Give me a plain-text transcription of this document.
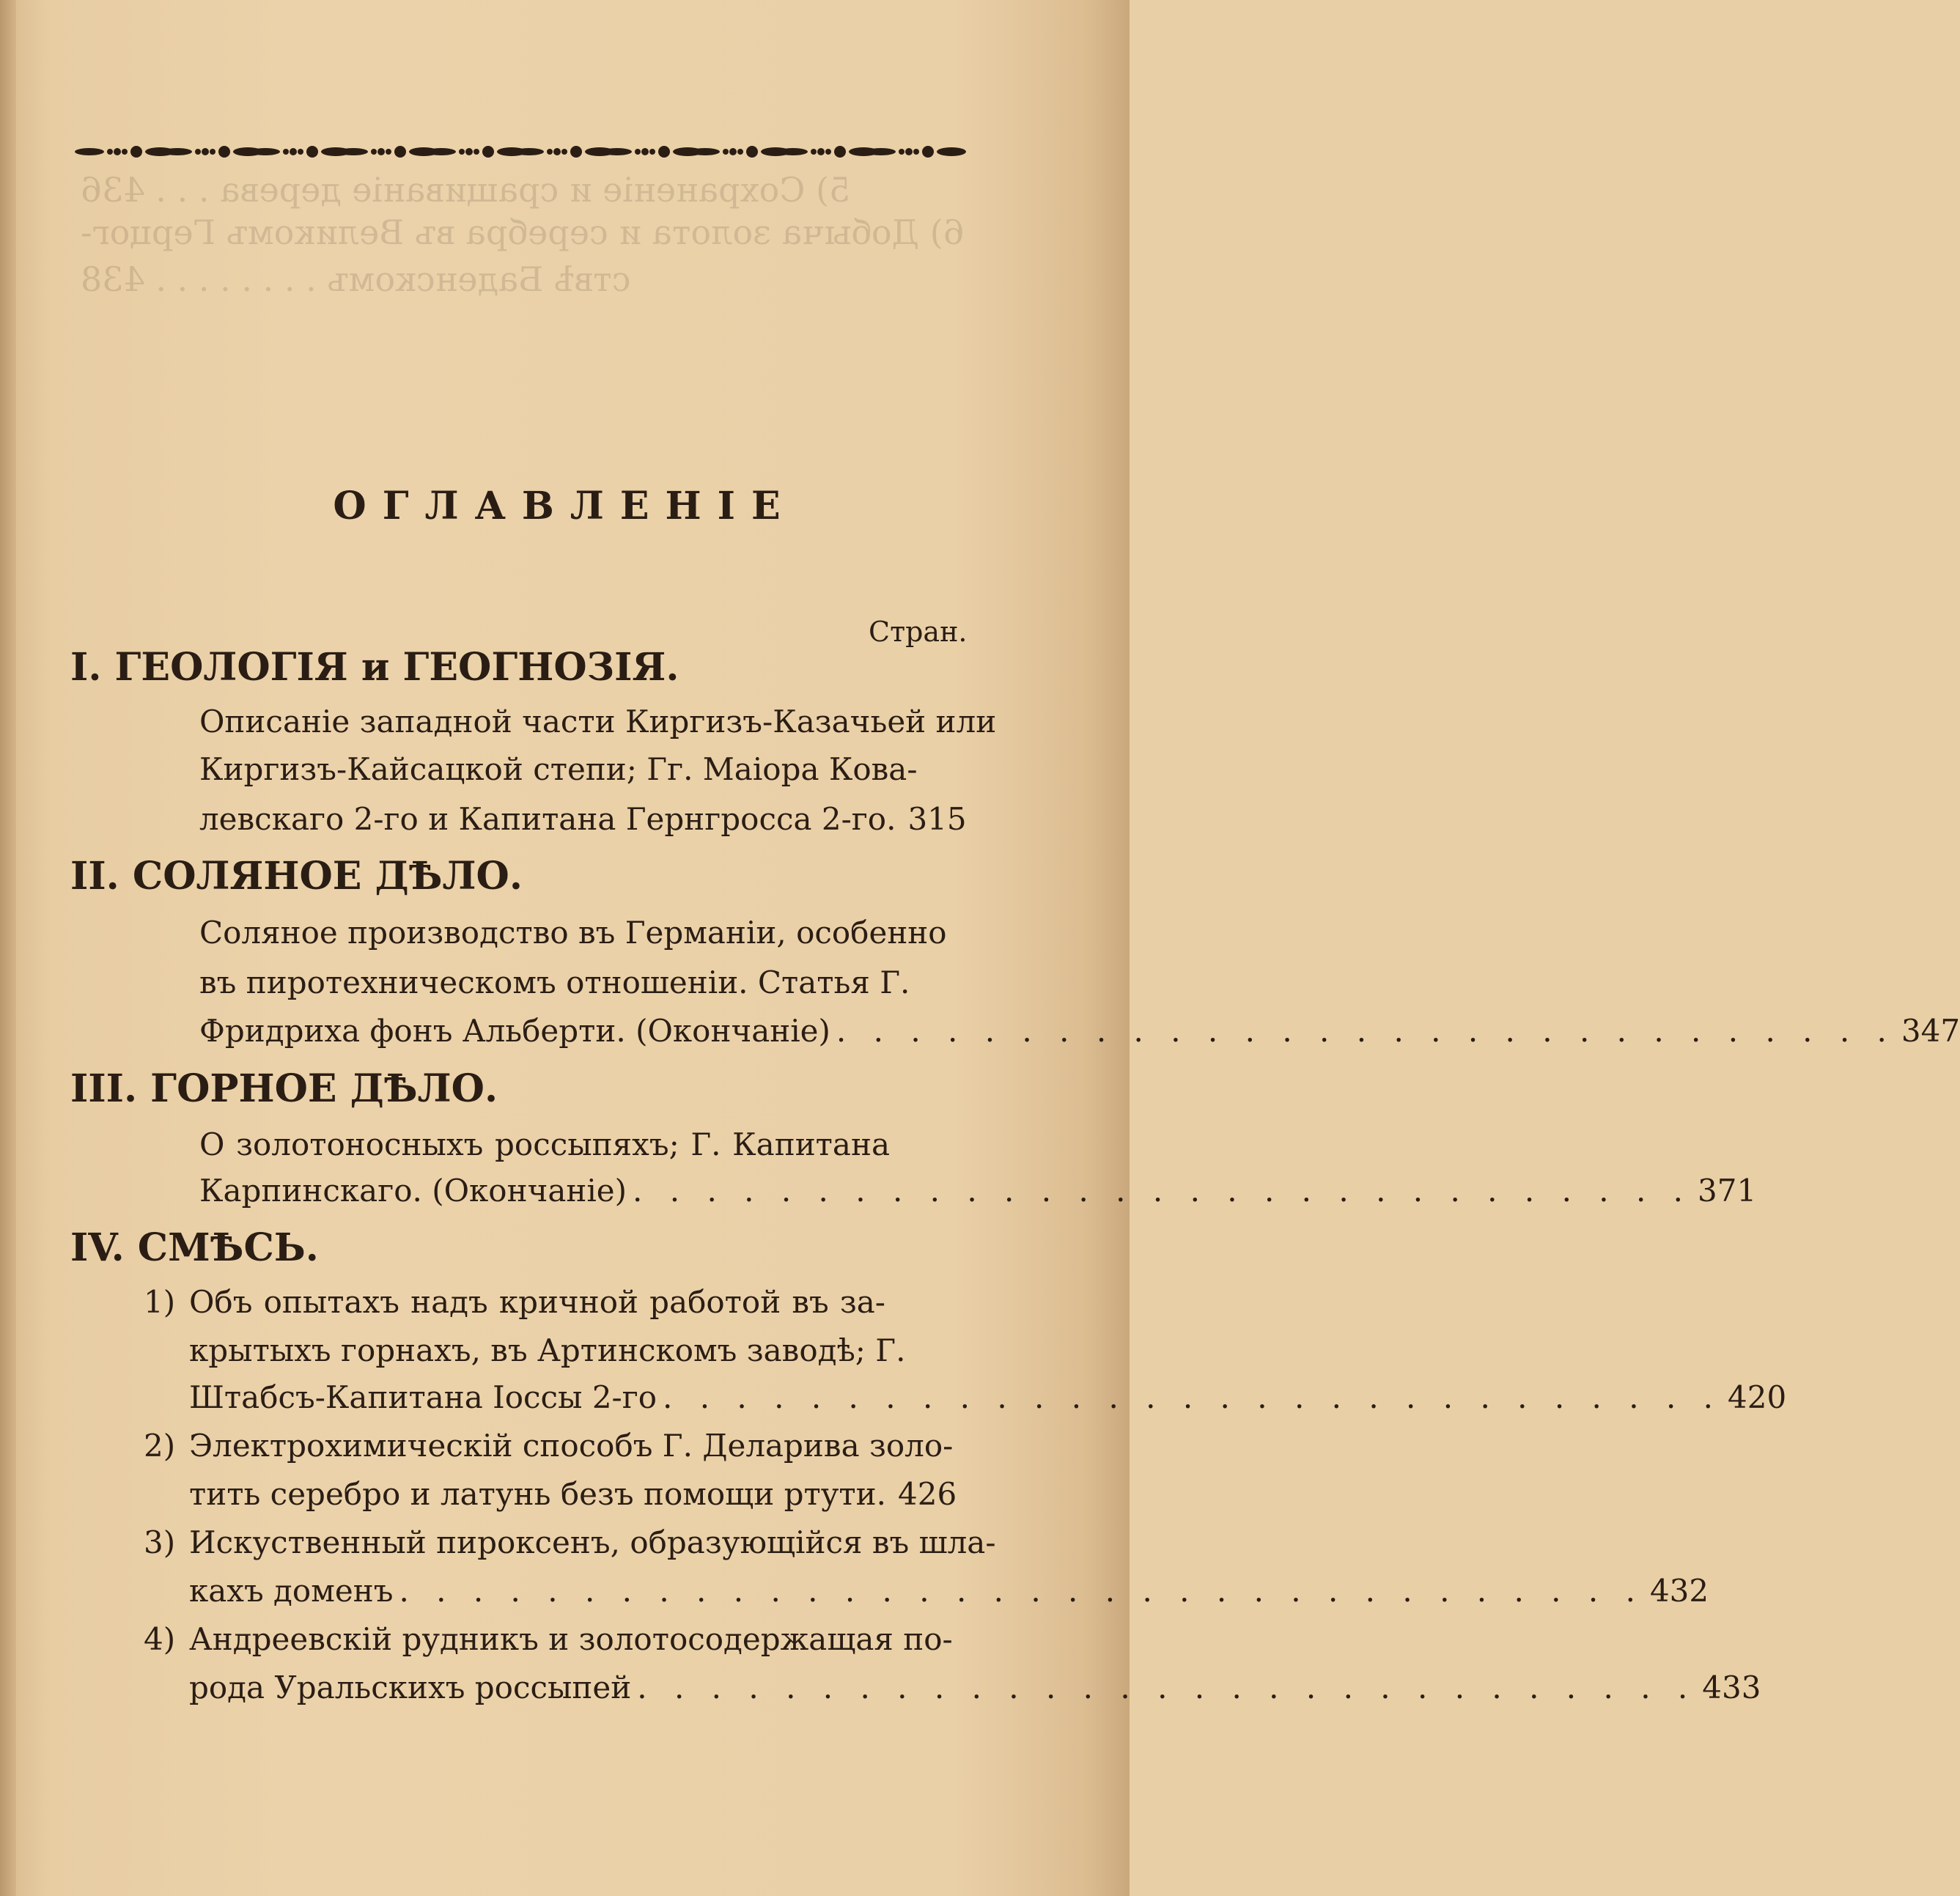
5) Сохраненіе и сращиваніе дерева . . . 436
6) Добыча золота и серебра въ Великомъ Герцог-
ствѣ Баденскомъ . . . . . . . . 438
ОГЛАВЛЕНІЕ
Стран.
I. ГЕОЛОГІЯ и ГЕОГНОЗІЯ.
Описаніе западной части Киргизъ-Казачьей или
Киргизъ-Кайсацкой степи; Гг. Маіора Кова-
левскаго 2-го и Капитана Гернгросса 2-го. 315
II. СОЛЯНОЕ ДѢЛО.
Соляное производство въ Германіи, особенно
въ пиротехническомъ отношеніи. Статья Г.
Фридриха фонъ Альберти. (Окончаніе) . . . . . . . . . . . . . . . . . . . . . . . . . . . . . 347
III. ГОРНОЕ ДѢЛО.
О золотоносныхъ россыпяхъ; Г. Капитана
Карпинскаго. (Окончаніе) . . . . . . . . . . . . . . . . . . . . . . . . . . . . . 371
IV. СМѢСЬ.
1) Объ опытахъ надъ кричной работой въ за-
крытыхъ горнахъ, въ Артинскомъ заводѣ; Г.
Штабсъ-Капитана Іоссы 2-го . . . . . . . . . . . . . . . . . . . . . . . . . . . . . 420
2) Электрохимическій способъ Г. Деларива золо-
тить серебро и латунь безъ помощи ртути. 426
3) Искуственный пироксенъ, образующійся въ шла-
кахъ доменъ . . . . . . . . . . . . . . . . . . . . . . . . . . . . . . . . . . 432
4) Андреевскій рудникъ и золотосодержащая по-
рода Уральскихъ россыпей . . . . . . . . . . . . . . . . . . . . . . . . . . . . . 433
